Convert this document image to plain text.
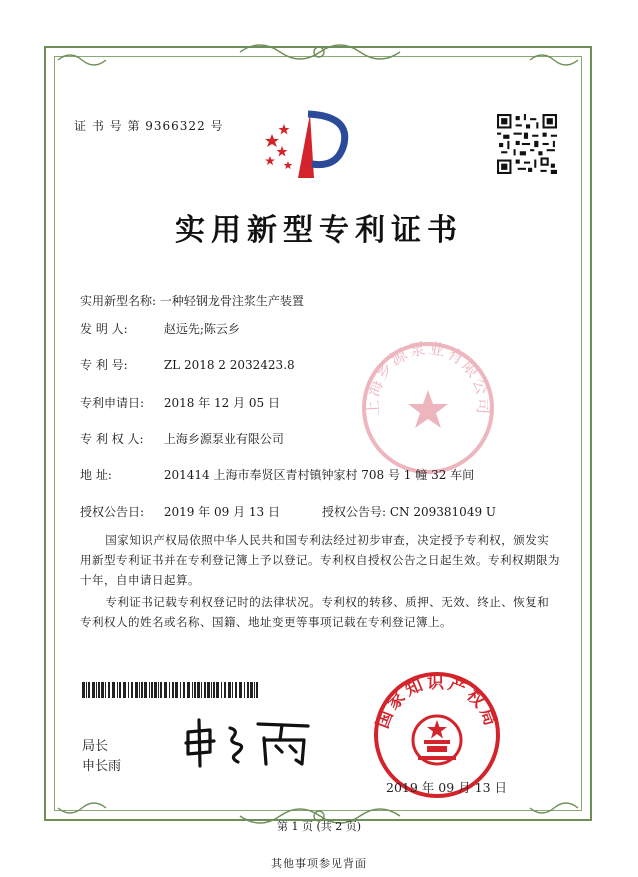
证 书 号 第 9366322 号
实用新型专利证书
上海乡源泵业有限公司
实用新型名称: 一种轻钢龙骨注浆生产装置
发 明 人:	赵远先;陈云乡
专 利 号:	ZL 2018 2 2032423.8
专利申请日: 2018 年 12 月 05 日
专 利 权 人: 上海乡源泵业有限公司
地 址:	201414 上海市奉贤区青村镇钟家村 708 号 1 幢 32 车间
授权公告日: 2019 年 09 月 13 日	授权公告号: CN 209381049 U
国家知识产权局依照中华人民共和国专利法经过初步审查，决定授予专利权，颁发实用新型专利证书并在专利登记簿上予以登记。专利权自授权公告之日起生效。专利权期限为十年，自申请日起算。
专利证书记载专利权登记时的法律状况。专利权的转移、质押、无效、终止、恢复和专利权人的姓名或名称、国籍、地址变更等事项记载在专利登记簿上。
局长
申长雨
国家知识产权局
2019 年 09 月 13 日
第 1 页 (共 2 页)
其他事项参见背面
